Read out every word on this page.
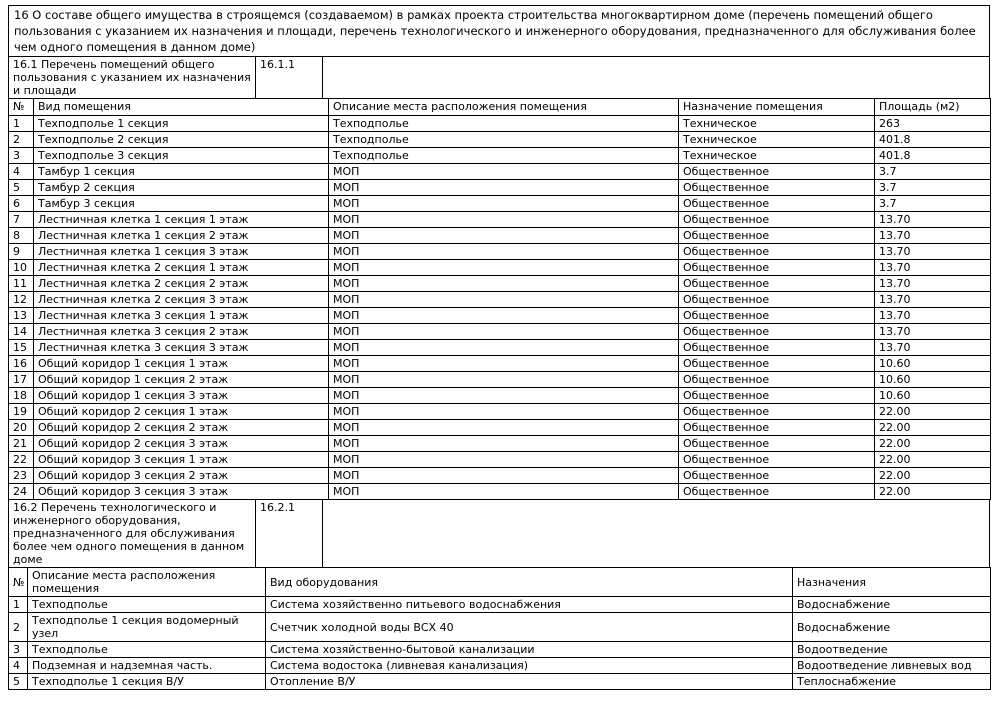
16 О составе общего имущества в строящемся (создаваемом) в рамках проекта строительства многоквартирном доме (перечень помещений общего пользования с указанием их назначения и площади, перечень технологического и инженерного оборудования, предназначенного для обслуживания более чем одного помещения в данном доме)
16.1 Перечень помещений общего пользования с указанием их назначения и площади	16.1.1	
№	Вид помещения	Описание места расположения помещения	Назначение помещения	Площадь (м2)
1	Техподполье 1 секция	Техподполье	Техническое	263
2	Техподполье 2 секция	Техподполье	Техническое	401.8
3	Техподполье 3 секция	Техподполье	Техническое	401.8
4	Тамбур 1 секция	МОП	Общественное	3.7
5	Тамбур 2 секция	МОП	Общественное	3.7
6	Тамбур 3 секция	МОП	Общественное	3.7
7	Лестничная клетка 1 секция 1 этаж	МОП	Общественное	13.70
8	Лестничная клетка 1 секция 2 этаж	МОП	Общественное	13.70
9	Лестничная клетка 1 секция 3 этаж	МОП	Общественное	13.70
10	Лестничная клетка 2 секция 1 этаж	МОП	Общественное	13.70
11	Лестничная клетка 2 секция 2 этаж	МОП	Общественное	13.70
12	Лестничная клетка 2 секция 3 этаж	МОП	Общественное	13.70
13	Лестничная клетка 3 секция 1 этаж	МОП	Общественное	13.70
14	Лестничная клетка 3 секция 2 этаж	МОП	Общественное	13.70
15	Лестничная клетка 3 секция 3 этаж	МОП	Общественное	13.70
16	Общий коридор 1 секция 1 этаж	МОП	Общественное	10.60
17	Общий коридор 1 секция 2 этаж	МОП	Общественное	10.60
18	Общий коридор 1 секция 3 этаж	МОП	Общественное	10.60
19	Общий коридор 2 секция 1 этаж	МОП	Общественное	22.00
20	Общий коридор 2 секция 2 этаж	МОП	Общественное	22.00
21	Общий коридор 2 секция 3 этаж	МОП	Общественное	22.00
22	Общий коридор 3 секция 1 этаж	МОП	Общественное	22.00
23	Общий коридор 3 секция 2 этаж	МОП	Общественное	22.00
24	Общий коридор 3 секция 3 этаж	МОП	Общественное	22.00
16.2 Перечень технологического и инженерного оборудования, предназначенного для обслуживания более чем одного помещения в данном доме	16.2.1	
№	Описание места расположения помещения	Вид оборудования	Назначения
1	Техподполье	Система хозяйственно питьевого водоснабжения	Водоснабжение
2	Техподполье 1 секция водомерный узел	Счетчик холодной воды ВСХ 40	Водоснабжение
3	Техподполье	Система хозяйственно-бытовой канализации	Водоотведение
4	Подземная и надземная часть.	Система водостока (ливневая канализация)	Водоотведение ливневых вод
5	Техподполье 1 секция В/У	Отопление В/У	Теплоснабжение
